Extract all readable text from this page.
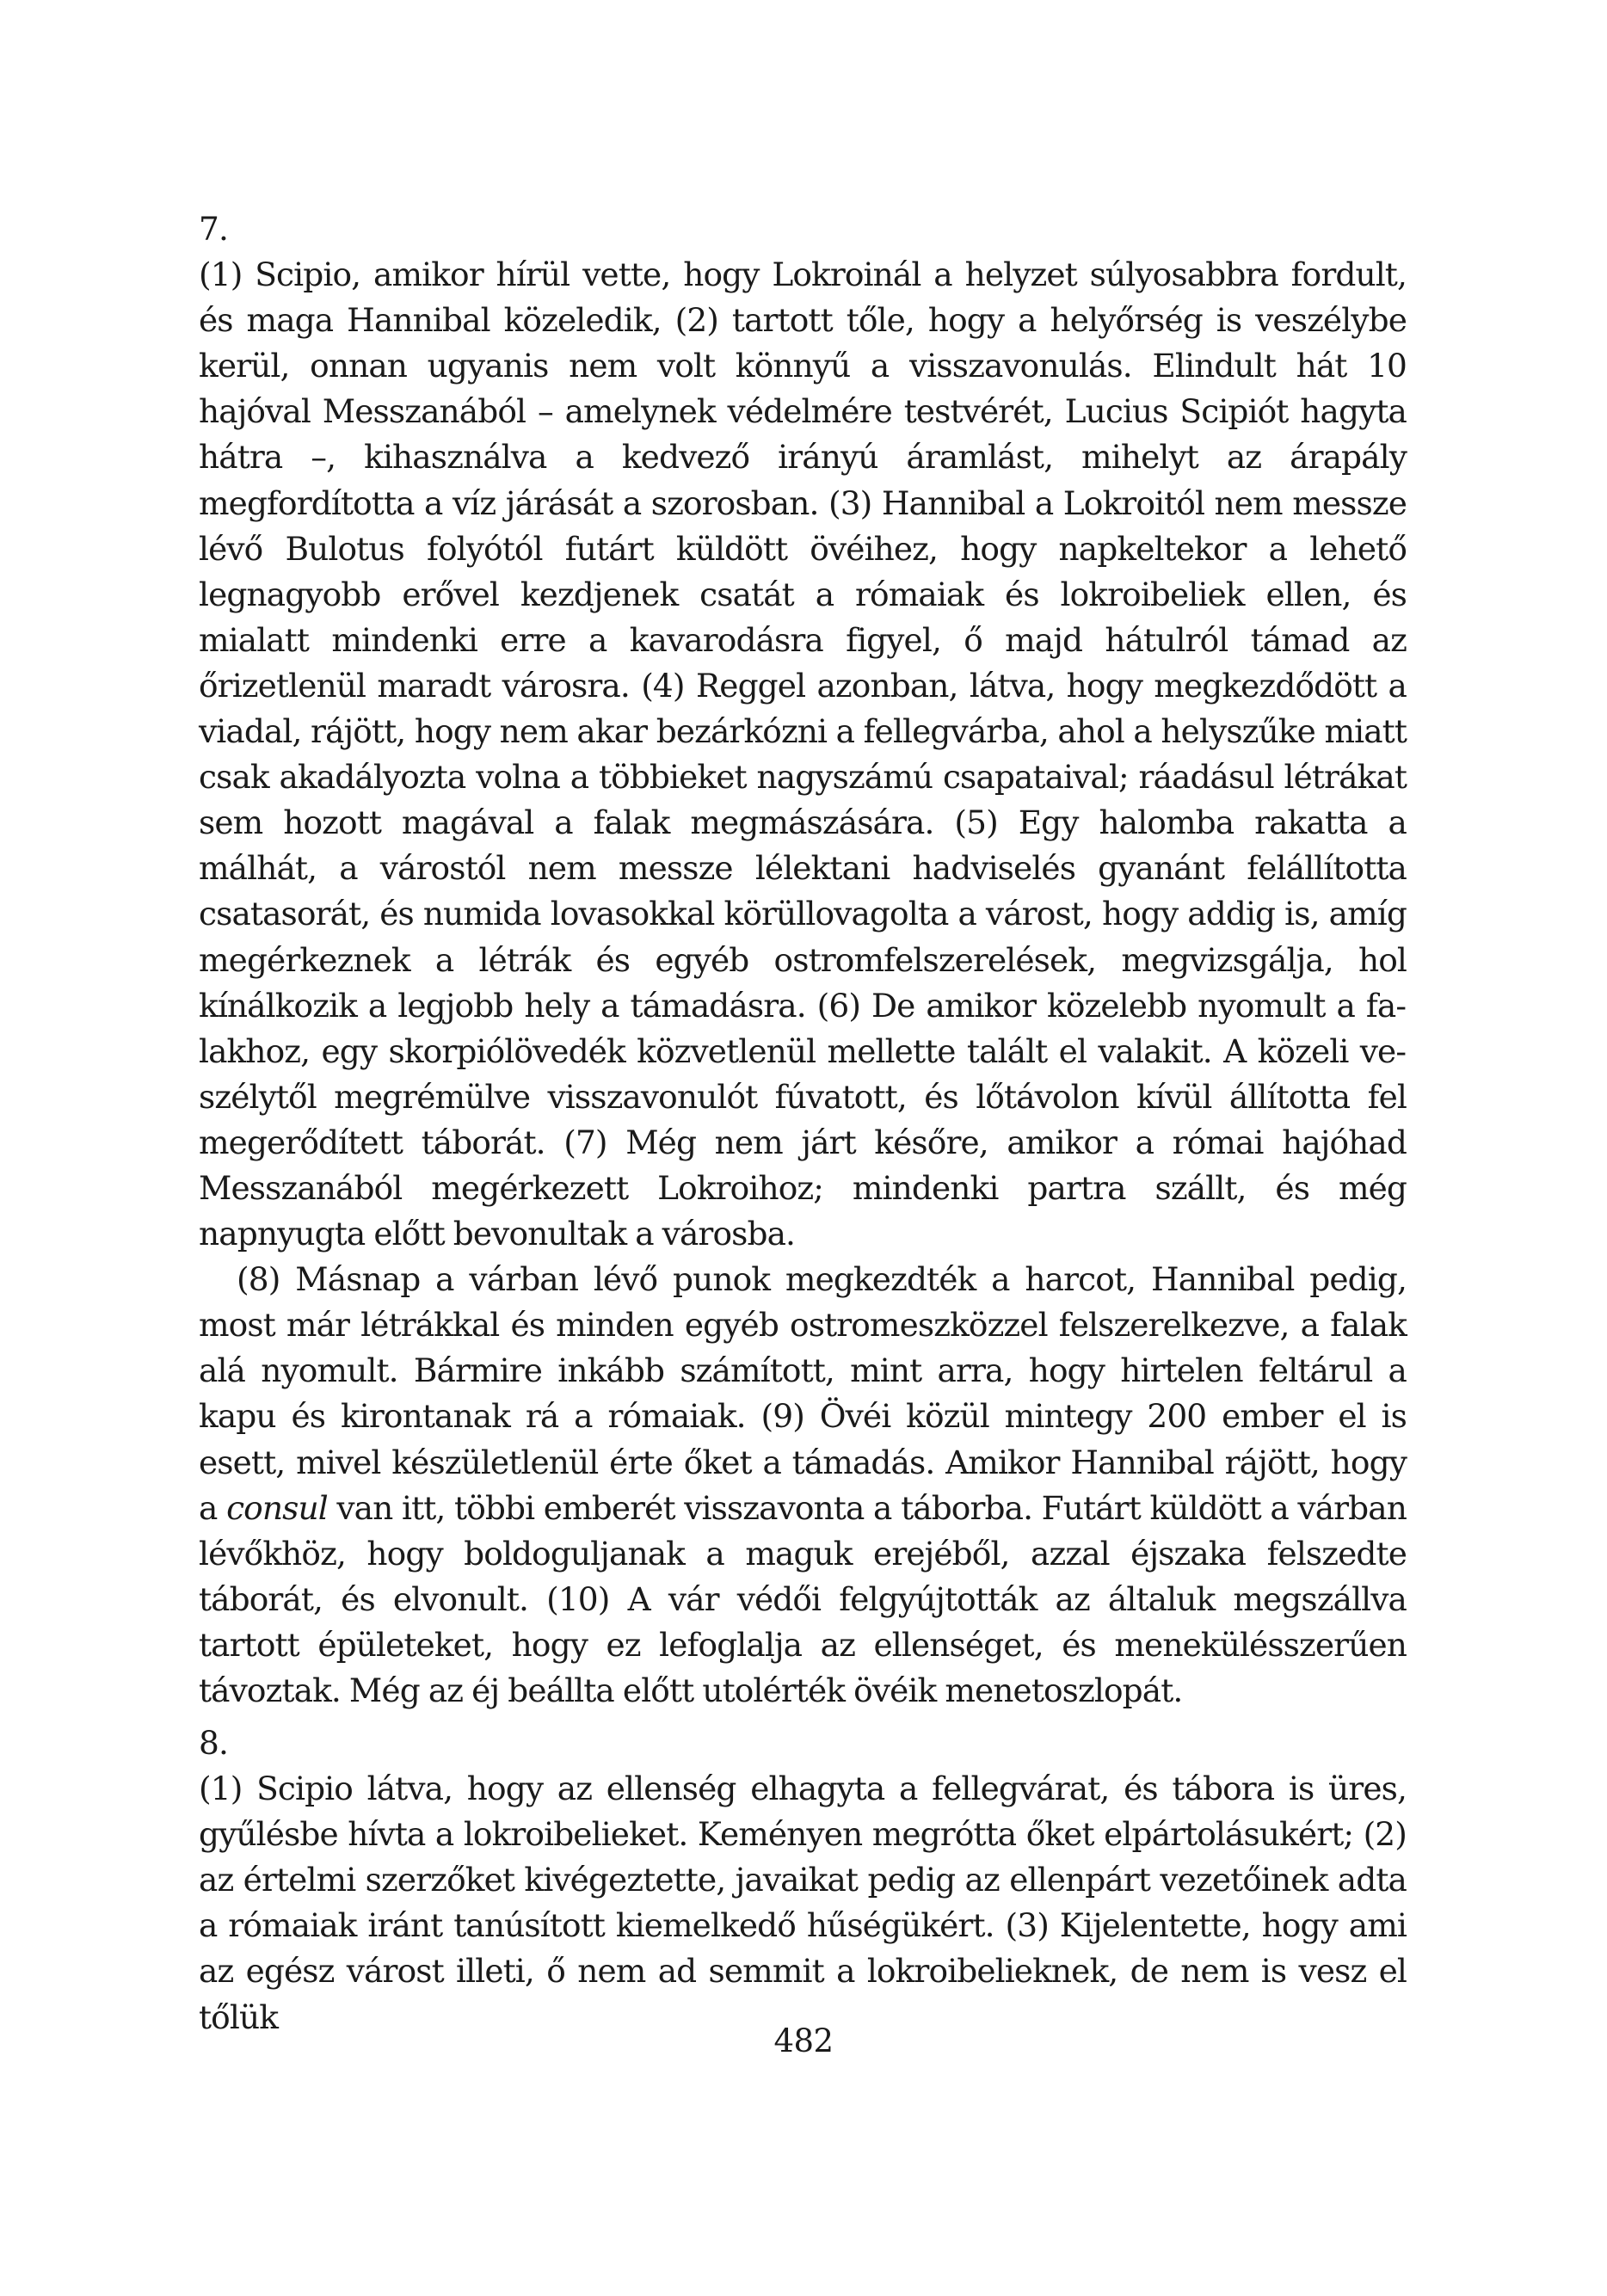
7.

(1) Scipio, amikor hírül vette, hogy Lokroinál a helyzet súlyosabbra fordult, és maga Hannibal közeledik, (2) tartott tőle, hogy a helyőrség is veszélybe kerül, onnan ugyanis nem volt könnyű a visszavonulás. Elindult hát 10 hajóval Messzanából – amelynek védelmére testvérét, Lucius Scipiót hagyta hátra –, kihasználva a kedvező irányú áramlást, mihelyt az árapály megfordította a víz járását a szorosban. (3) Hannibal a Lokroitól nem messze lévő Bulotus folyótól futárt küldött övéihez, hogy napkeltekor a lehető legnagyobb erővel kezdjenek csatát a rómaiak és lokroibeliek ellen, és mialatt mindenki erre a kavarodásra figyel, ő majd hátulról támad az őrizetlenül maradt városra. (4) Reggel azonban, látva, hogy megkezdődött a viadal, rájött, hogy nem akar bezárkózni a fellegvárba, ahol a helyszűke miatt csak akadályozta volna a többieket nagyszámú csapataival; ráadásul létrákat sem hozott magával a falak megmászására. (5) Egy halomba rakatta a málhát, a várostól nem messze lélektani hadviselés gyanánt felállította csatasorát, és numida lovasokkal körüllovagolta a várost, hogy addig is, amíg megérkeznek a létrák és egyéb ostromfelszerelések, megvizsgálja, hol kínálkozik a legjobb hely a támadásra. (6) De amikor közelebb nyomult a falakhoz, egy skorpiólövedék közvetlenül mellette talált el valakit. A közeli veszélytől megrémülve visszavonulót fúvatott, és lőtávolon kívül állította fel megerődített táborát. (7) Még nem járt későre, amikor a római hajóhad Messzanából megérkezett Lokroihoz; mindenki partra szállt, és még napnyugta előtt bevonultak a városba.

(8) Másnap a várban lévő punok megkezdték a harcot, Hannibal pedig, most már létrákkal és minden egyéb ostromeszközzel felszerelkezve, a falak alá nyomult. Bármire inkább számított, mint arra, hogy hirtelen feltárul a kapu és kirontanak rá a rómaiak. (9) Övéi közül mintegy 200 ember el is esett, mivel készületlenül érte őket a támadás. Amikor Hannibal rájött, hogy a consul van itt, többi emberét visszavonta a táborba. Futárt küldött a várban lévőkhöz, hogy boldoguljanak a maguk erejéből, azzal éjszaka felszedte táborát, és elvonult. (10) A vár védői felgyújtották az általuk megszállva tartott épületeket, hogy ez lefoglalja az ellenséget, és menekülésszerűen távoztak. Még az éj beállta előtt utolérték övéik menetoszlopát.

8.

(1) Scipio látva, hogy az ellenség elhagyta a fellegvárat, és tábora is üres, gyűlésbe hívta a lokroibelieket. Keményen megrótta őket elpártolásukért; (2) az értelmi szerzőket kivégeztette, javaikat pedig az ellenpárt vezetőinek adta a rómaiak iránt tanúsított kiemelkedő hűségükért. (3) Kijelentette, hogy ami az egész várost illeti, ő nem ad semmit a lokroibelieknek, de nem is vesz el tőlük

482
